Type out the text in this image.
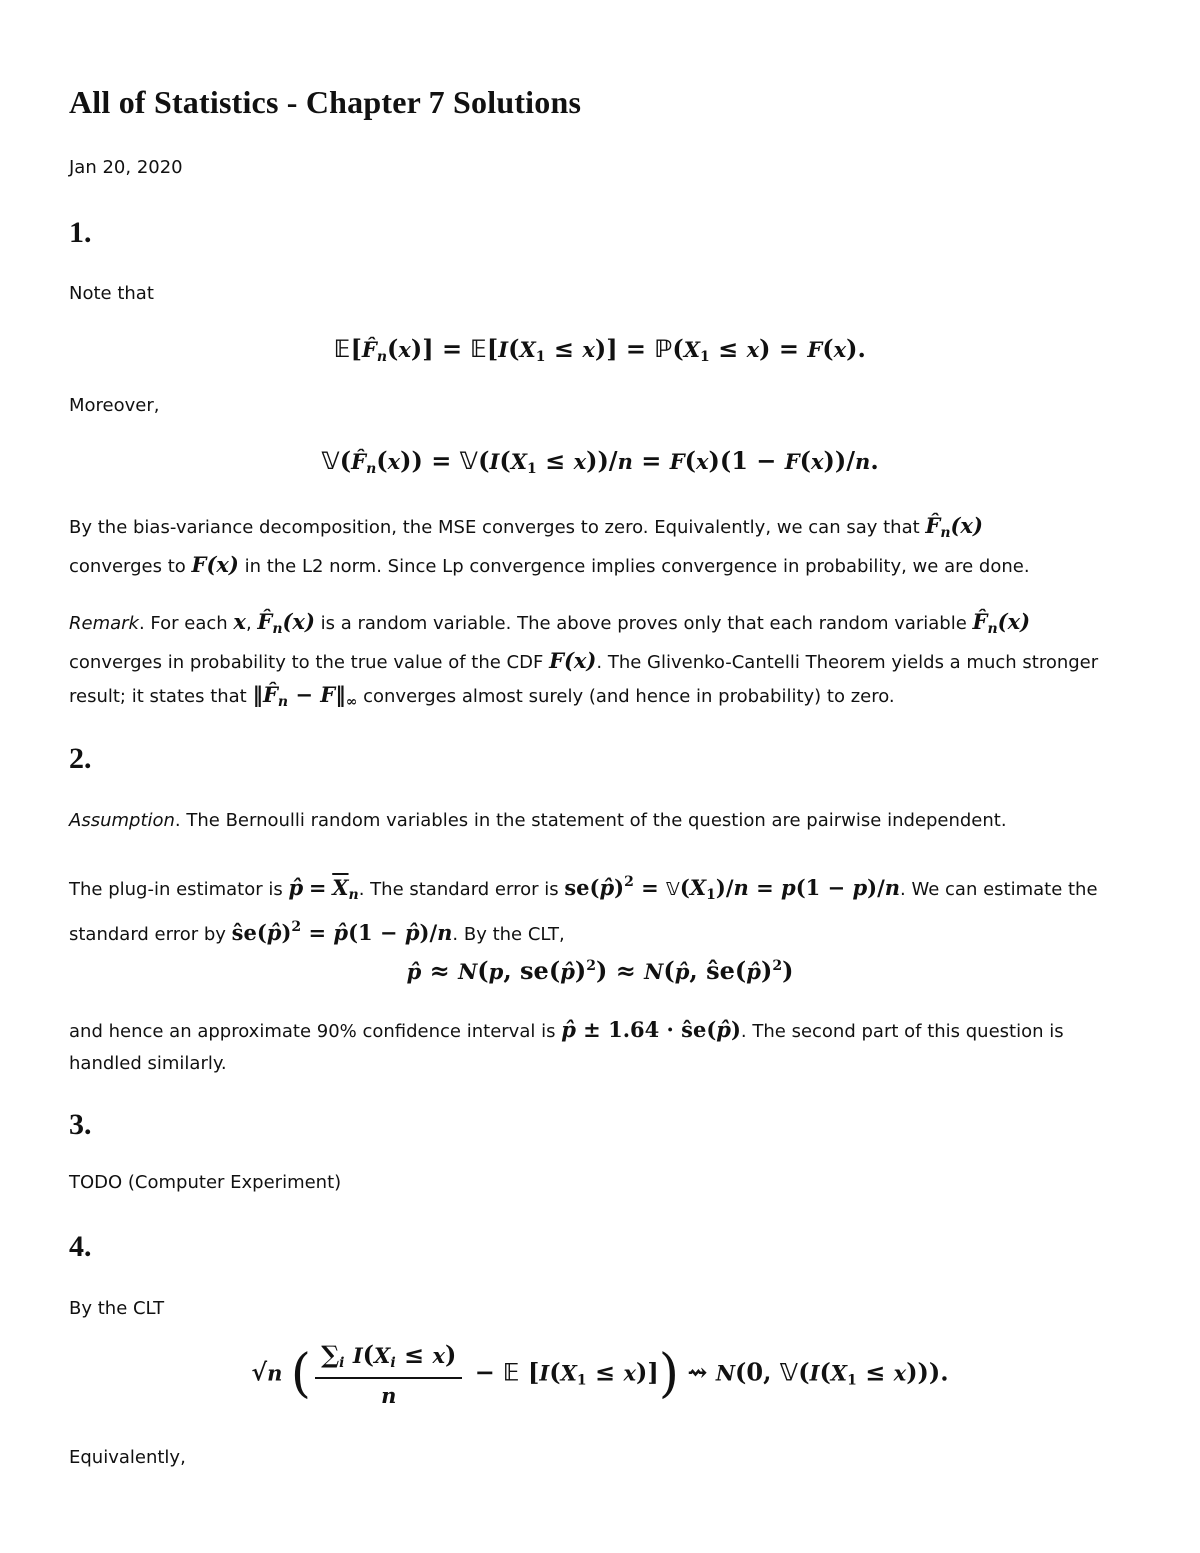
All of Statistics - Chapter 7 Solutions
Jan 20, 2020
1.
Note that
$𝔼[F̂_n(x)]$ = $𝔼[I(X_1 \le x)]$ = $ℙ(X_1 \le x) = F(x)$.
Moreover,
$𝕍(F̂_n(x))$ = $𝕍(I(X_1 \le x))/n = F(x)(1 - F(x))/n$.

By the bias-variance decomposition, the MSE converges to zero. Equivalently, we can say that $F̂_n(x)$
converges to F(x) in the L2 norm. Since Lp convergence implies convergence in probability, we are done.

Remark. For each x, $F̂_n(x)$ is a random variable. The above proves only that each random variable $F̂_n(x)$
converges in probability to the true value of the CDF F(x). The Glivenko-Cantelli Theorem yields a much stronger result; it states that $‖F̂_n$ − $F‖_\infty$ converges almost surely (and hence in probability) to zero.

2.

Assumption. The Bernoulli random variables in the statement of the question are pairwise independent.

The plug-in estimator is p̂ = $\overline{X}_n$. The standard error is se(p̂)$^2$ = $𝕍(X_1)/n = p(1 - p)/n$. We can estimate the standard error by ŝe(p̂)$^2$ = p̂(1 − p̂)/n. By the CLT,

p̂ ≈ N(p, se(p̂)$^2$) ≈ N(p̂, ŝe(p̂)$^2$)

and hence an approximate 90% confidence interval is p̂ ± 1.64 · ŝe(p̂). The second part of this question is handled similarly.

3.
TODO (Computer Experiment)
4.
By the CLT
√n ( $\frac{\sum_i I(X_i \le x)}{n}$ − 𝔼 $[I(X_1 \le x)]$) ⇝ N(0, $𝕍(I(X_1 \le x))$).
Equivalently,
